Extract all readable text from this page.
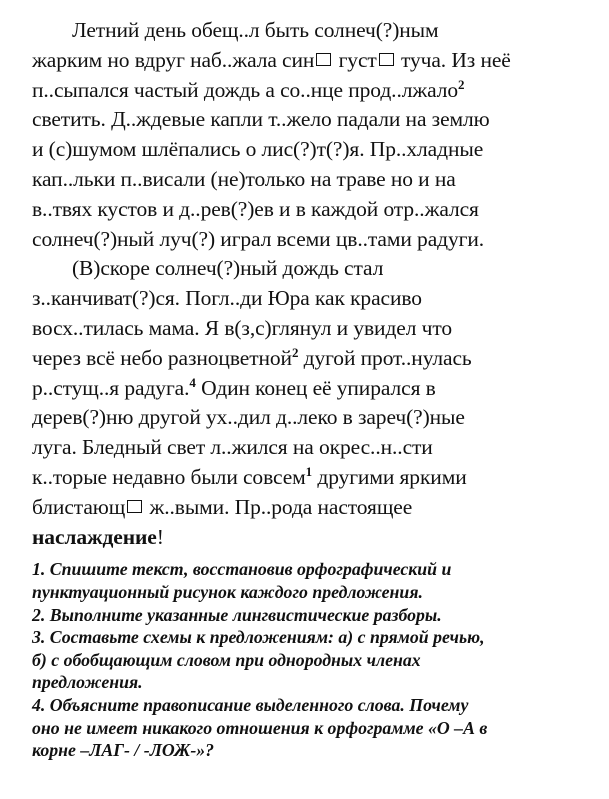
Летний день обещ..л быть солнеч(?)ным

жарким но вдруг наб..жала син густ туча. Из неё

п..сыпался частый дождь а со..нце прод..лжало$^2$

светить. Д..ждевые капли т..жело падали на землю

и (с)шумом шлёпались о лис(?)т(?)я. Пр..хладные

кап..льки п..висали (не)только на траве но и на

в..твях кустов и д..рев(?)ев и в каждой отр..жался

солнеч(?)ный луч(?) играл всеми цв..тами радуги.

(В)скоре солнеч(?)ный дождь стал

з..канчиват(?)ся. Погл..ди Юра как красиво

восх..тилась мама. Я в(з,с)глянул и увидел что

через всё небо разноцветной$^2$ дугой прот..нулась

р..стущ..я радуга.$^4$ Один конец её упирался в

дерев(?)ню другой ух..дил д..леко в зареч(?)ные

луга. Бледный свет л..жился на окрес..н..сти

к..торые недавно были совсем$^1$ другими яркими

блистающ ж..выми. Пр..рода настоящее

наслаждение!

1. Спишите текст, восстановив орфографический и

пунктуационный рисунок каждого предложения.

2. Выполните указанные лингвистические разборы.

3. Составьте схемы к предложениям: а) с прямой речью,

б) с обобщающим словом при однородных членах

предложения.

4. Объясните правописание выделенного слова. Почему

оно не имеет никакого отношения к орфограмме «О –А в

корне –ЛАГ- / -ЛОЖ-»?
